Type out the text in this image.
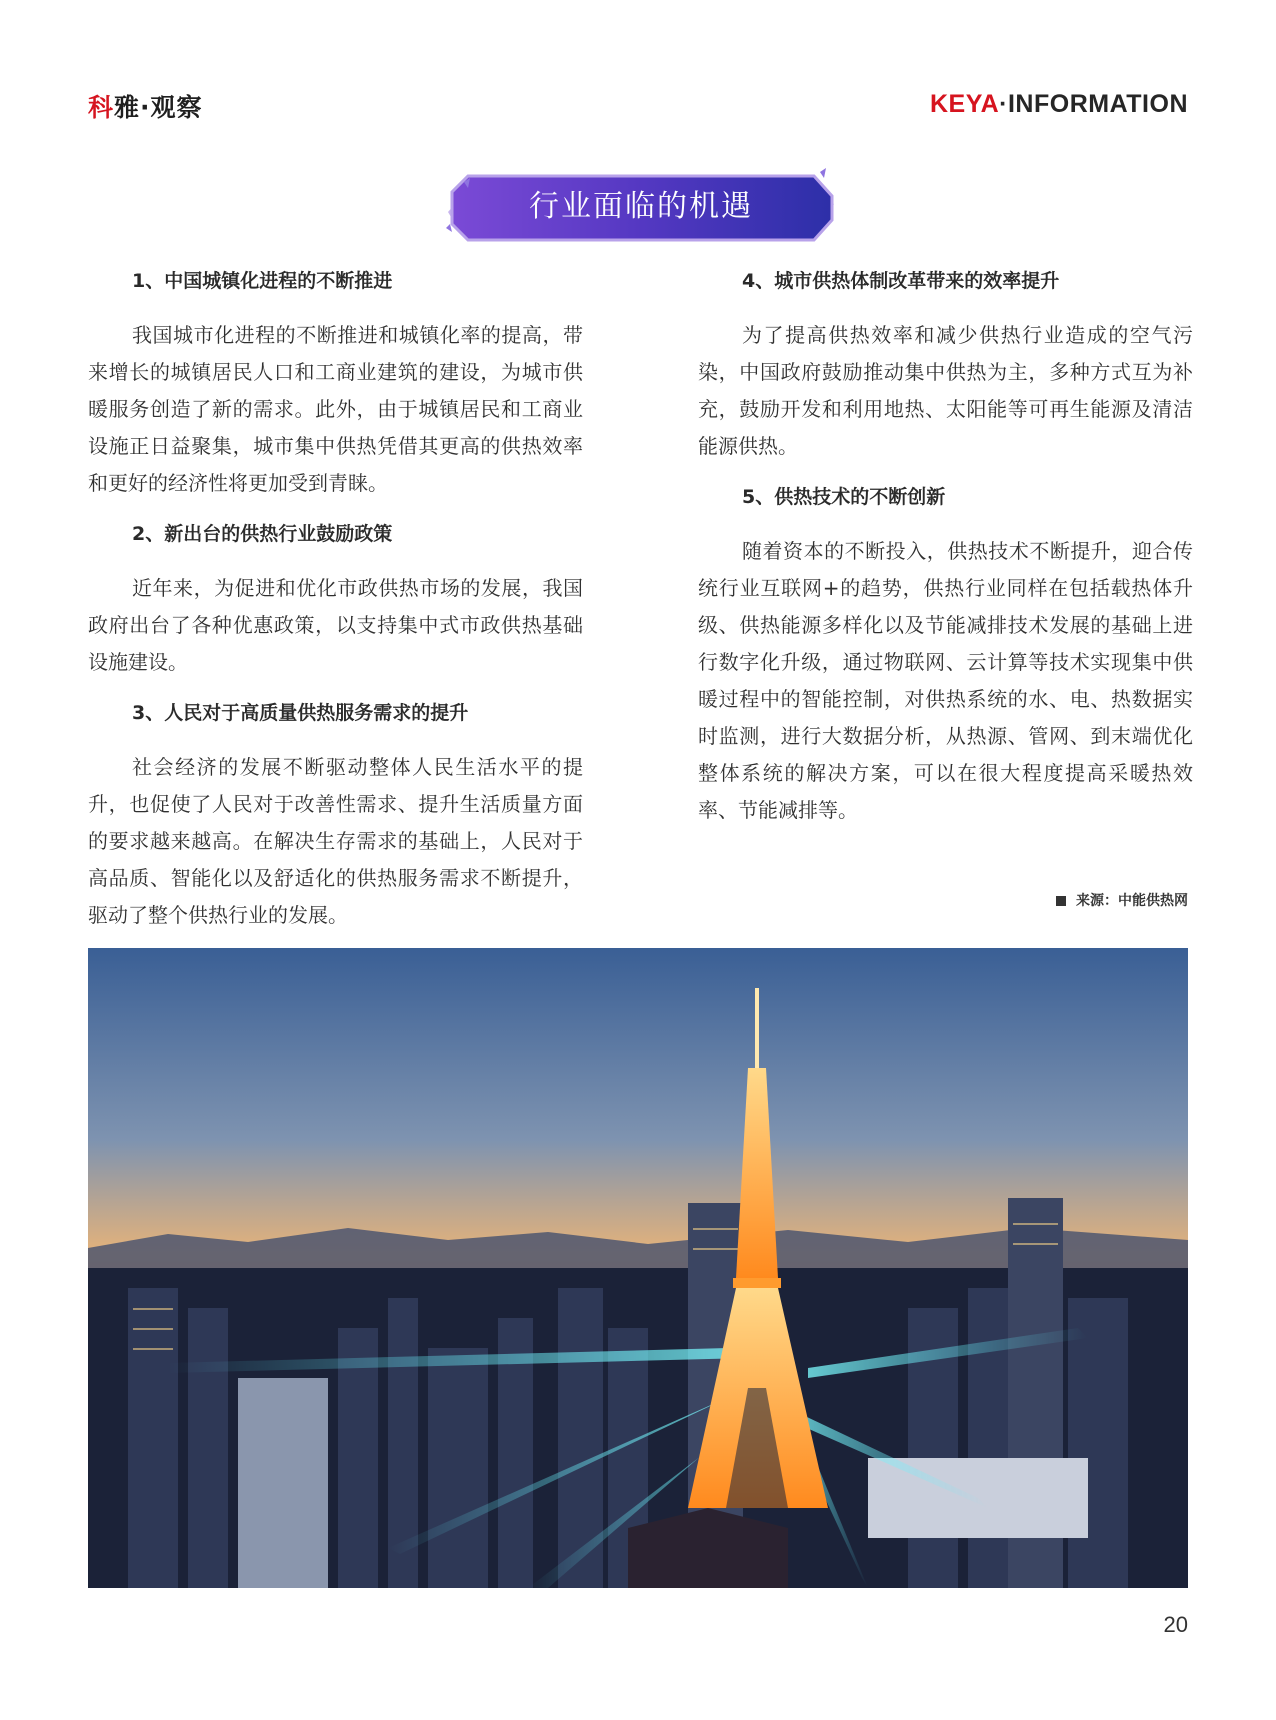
科雅·观察	KEYA·INFORMATION
行业面临的机遇
1、中国城镇化进程的不断推进

我国城市化进程的不断推进和城镇化率的提高，带来增长的城镇居民人口和工商业建筑的建设，为城市供暖服务创造了新的需求。此外，由于城镇居民和工商业设施正日益聚集，城市集中供热凭借其更高的供热效率和更好的经济性将更加受到青睐。

2、新出台的供热行业鼓励政策

近年来，为促进和优化市政供热市场的发展，我国政府出台了各种优惠政策，以支持集中式市政供热基础设施建设。

3、人民对于高质量供热服务需求的提升

社会经济的发展不断驱动整体人民生活水平的提升，也促使了人民对于改善性需求、提升生活质量方面的要求越来越高。在解决生存需求的基础上，人民对于高品质、智能化以及舒适化的供热服务需求不断提升，驱动了整个供热行业的发展。

4、城市供热体制改革带来的效率提升

为了提高供热效率和减少供热行业造成的空气污染，中国政府鼓励推动集中供热为主，多种方式互为补充，鼓励开发和利用地热、太阳能等可再生能源及清洁能源供热。

5、供热技术的不断创新

随着资本的不断投入，供热技术不断提升，迎合传统行业互联网+的趋势，供热行业同样在包括载热体升级、供热能源多样化以及节能减排技术发展的基础上进行数字化升级，通过物联网、云计算等技术实现集中供暖过程中的智能控制，对供热系统的水、电、热数据实时监测，进行大数据分析，从热源、管网、到末端优化整体系统的解决方案，可以在很大程度提高采暖热效率、节能减排等。

来源：中能供热网
20
